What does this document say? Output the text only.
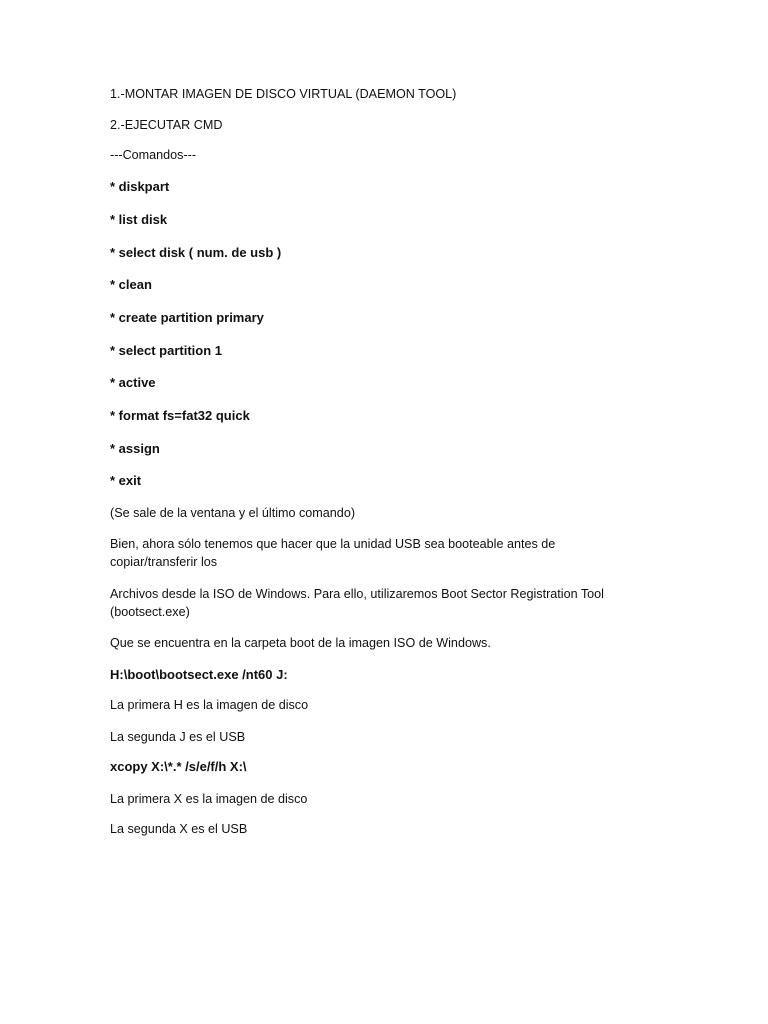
1.-MONTAR IMAGEN DE DISCO VIRTUAL (DAEMON TOOL)

2.-EJECUTAR CMD

---Comandos---

* diskpart

* list disk

* select disk ( num. de usb )

* clean

* create partition primary

* select partition 1

* active

* format fs=fat32 quick

* assign

* exit

(Se sale de la ventana y el último comando)

Bien, ahora sólo tenemos que hacer que la unidad USB sea booteable antes de copiar/transferir los

Archivos desde la ISO de Windows. Para ello, utilizaremos Boot Sector Registration Tool (bootsect.exe)

Que se encuentra en la carpeta boot de la imagen ISO de Windows.

H:\boot\bootsect.exe /nt60 J:

La primera H es la imagen de disco

La segunda J es el USB

xcopy X:\*.* /s/e/f/h X:\

La primera X es la imagen de disco

La segunda X es el USB
